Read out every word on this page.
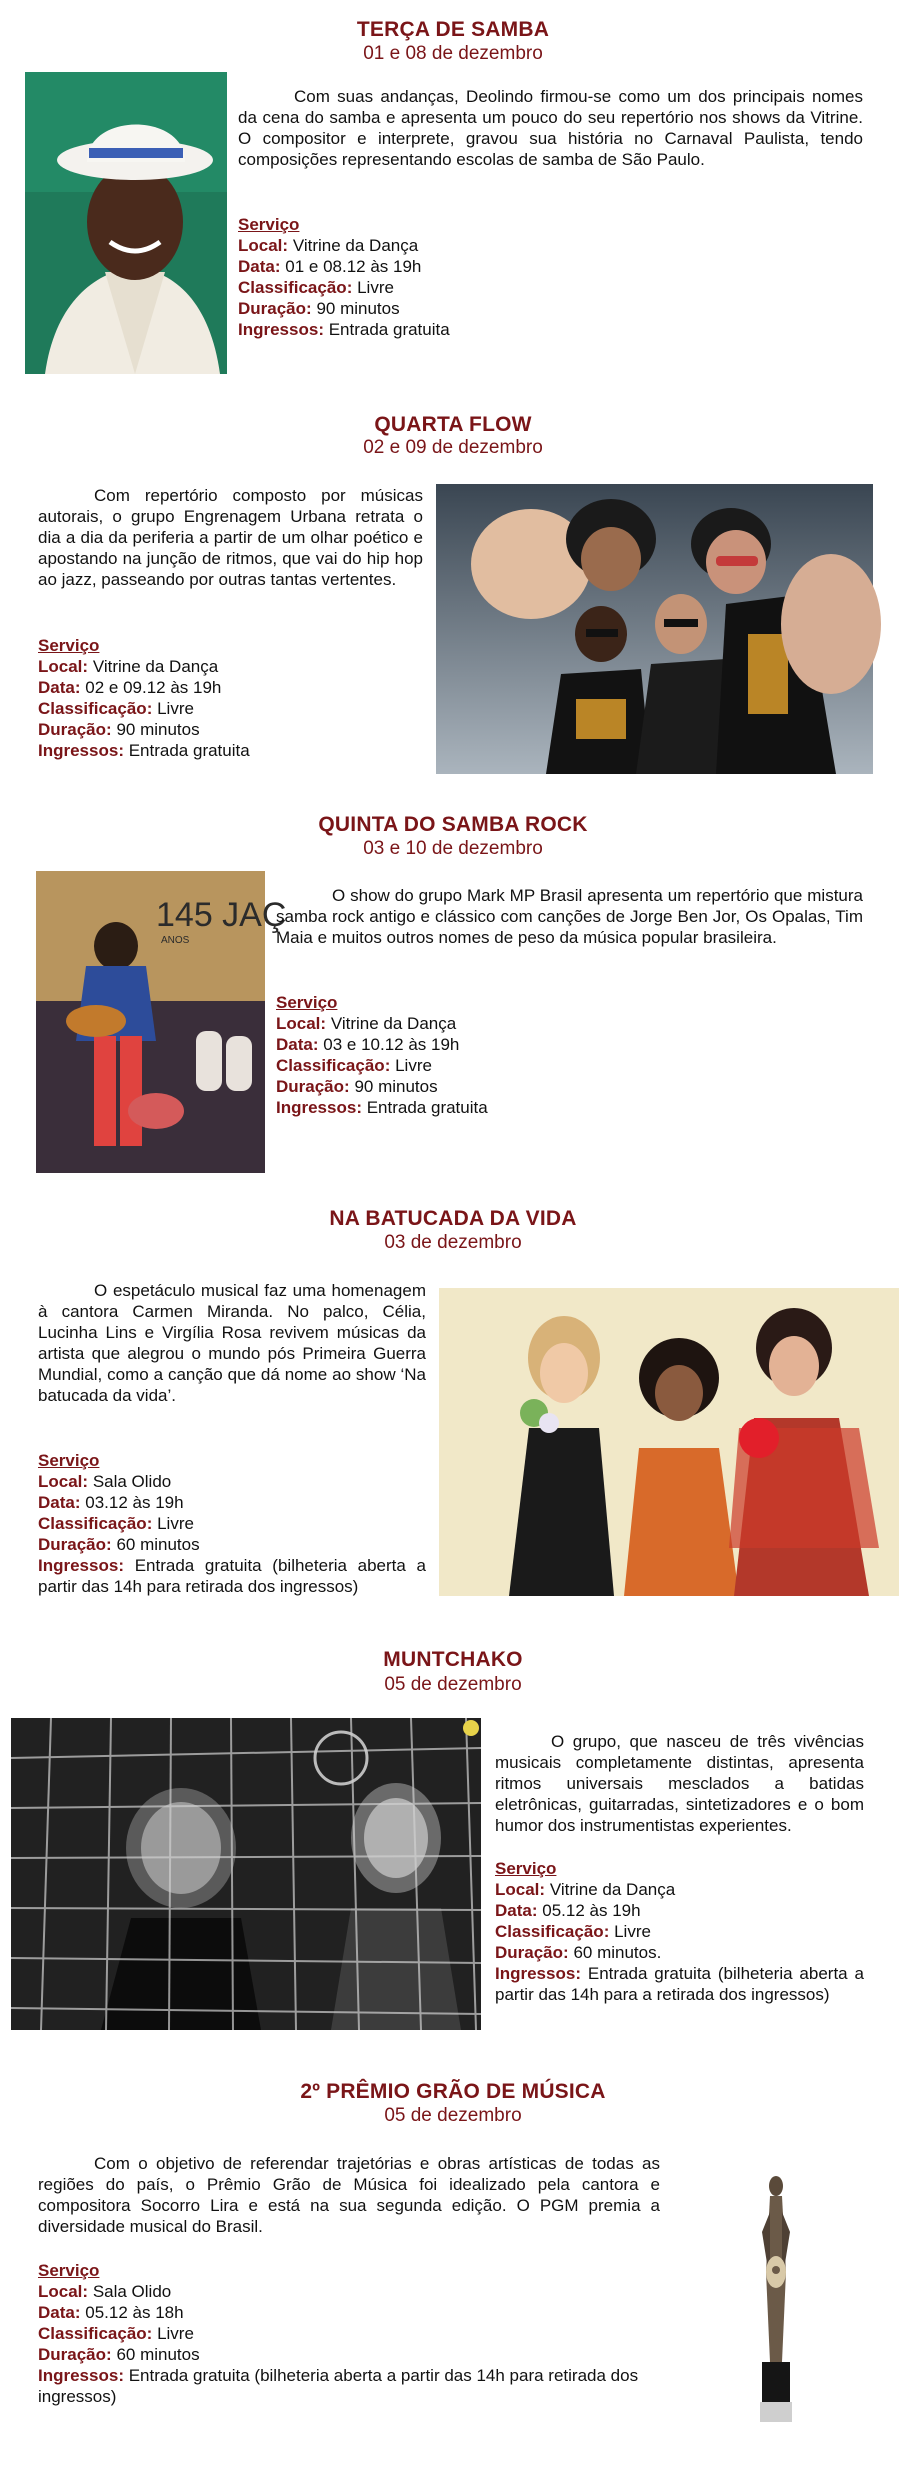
TERÇA DE SAMBA
01 e 08 de dezembro

Com suas andanças, Deolindo firmou-se como um dos principais nomes da cena do samba e apresenta um pouco do seu repertório nos shows da Vitrine. O compositor e interprete, gravou sua história no Carnaval Paulista, tendo composições representando escolas de samba de São Paulo.

Serviço
Local: Vitrine da Dança
Data: 01 e 08.12 às 19h
Classificação: Livre
Duração: 90 minutos
Ingressos: Entrada gratuita
QUARTA FLOW
02 e 09 de dezembro

Com repertório composto por músicas autorais, o grupo Engrenagem Urbana retrata o dia a dia da periferia a partir de um olhar poético e apostando na junção de ritmos, que vai do hip hop ao jazz, passeando por outras tantas vertentes.

Serviço
Local: Vitrine da Dança
Data: 02 e 09.12 às 19h
Classificação: Livre
Duração: 90 minutos
Ingressos: Entrada gratuita
QUINTA DO SAMBA ROCK
03 e 10 de dezembro
145 JAÇ
ANOS

O show do grupo Mark MP Brasil apresenta um repertório que mistura samba rock antigo e clássico com canções de Jorge Ben Jor, Os Opalas, Tim Maia e muitos outros nomes de peso da música popular brasileira.

Serviço
Local: Vitrine da Dança
Data: 03 e 10.12 às 19h
Classificação: Livre
Duração: 90 minutos
Ingressos: Entrada gratuita
NA BATUCADA DA VIDA
03 de dezembro

O espetáculo musical faz uma homenagem à cantora Carmen Miranda. No palco, Célia, Lucinha Lins e Virgília Rosa revivem músicas da artista que alegrou o mundo pós Primeira Guerra Mundial, como a canção que dá nome ao show ‘Na batucada da vida’.

Serviço
Local: Sala Olido
Data: 03.12 às 19h
Classificação: Livre
Duração: 60 minutos
Ingressos: Entrada gratuita (bilheteria aberta a partir das 14h para retirada dos ingressos)
MUNTCHAKO
05 de dezembro

O grupo, que nasceu de três vivências musicais completamente distintas, apresenta ritmos universais mesclados a batidas eletrônicas, guitarradas, sintetizadores e o bom humor dos instrumentistas experientes.

Serviço
Local: Vitrine da Dança
Data: 05.12 às 19h
Classificação: Livre
Duração: 60 minutos.
Ingressos: Entrada gratuita (bilheteria aberta a partir das 14h para a retirada dos ingressos)
2º PRÊMIO GRÃO DE MÚSICA
05 de dezembro

Com o objetivo de referendar trajetórias e obras artísticas de todas as regiões do país, o Prêmio Grão de Música foi idealizado pela cantora e compositora Socorro Lira e está na sua segunda edição. O PGM premia a diversidade musical do Brasil.

Serviço
Local: Sala Olido
Data: 05.12 às 18h
Classificação: Livre
Duração: 60 minutos
Ingressos: Entrada gratuita (bilheteria aberta a partir das 14h para retirada dos ingressos)
